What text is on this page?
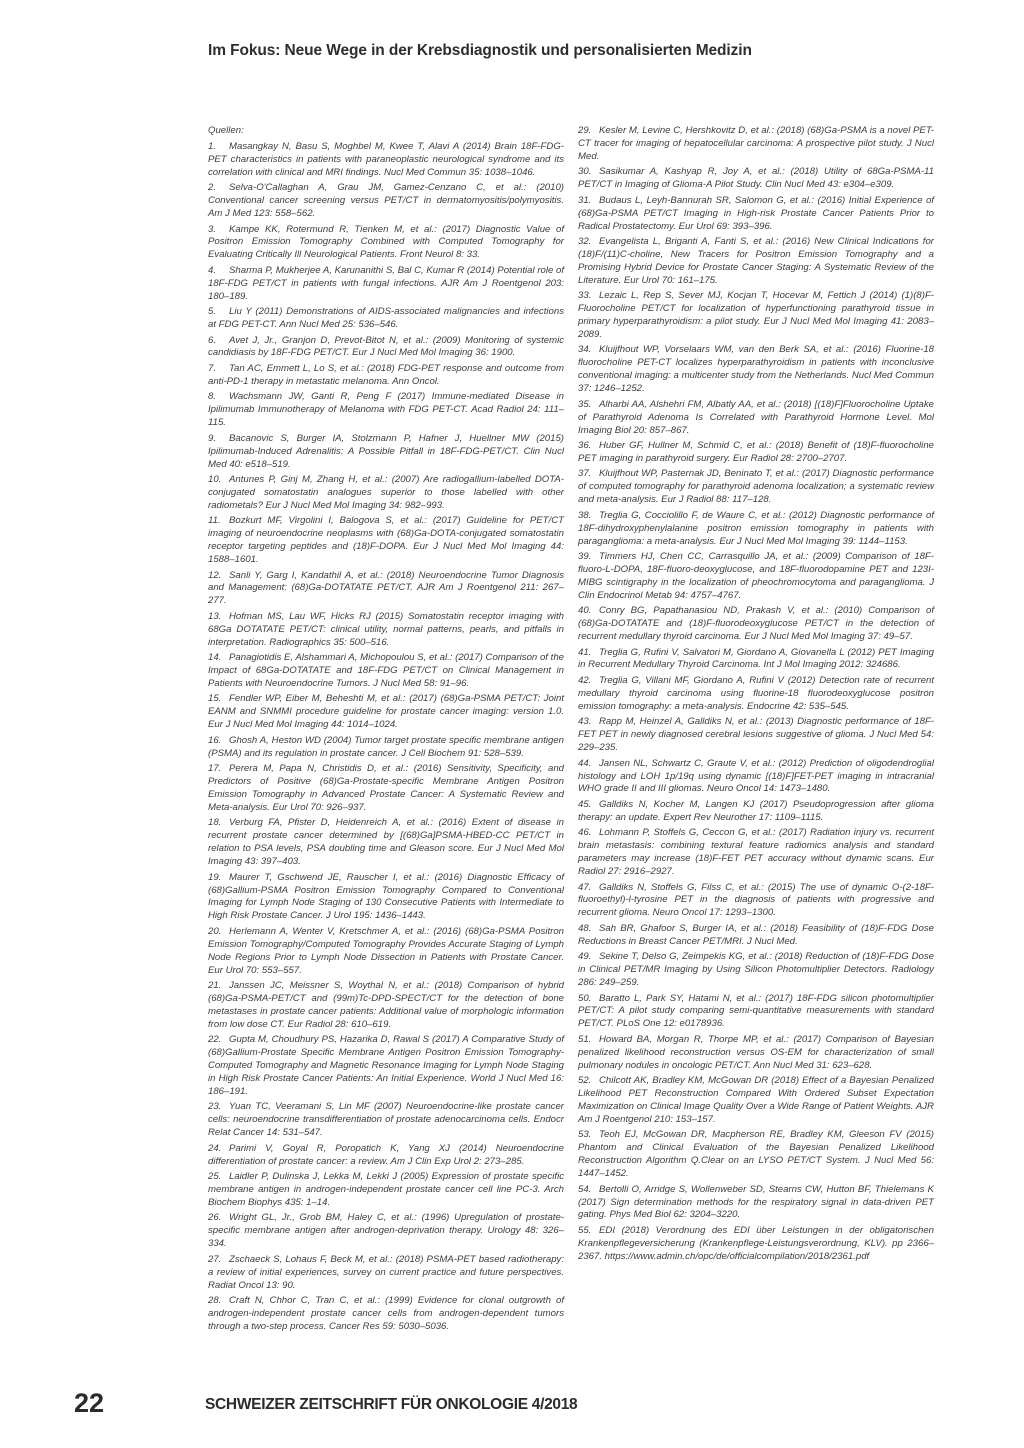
Im Fokus: Neue Wege in der Krebsdiagnostik und personalisierten Medizin

Quellen:

1. Masangkay N, Basu S, Moghbel M, Kwee T, Alavi A (2014) Brain 18F-FDG-PET characteristics in patients with paraneoplastic neurological syndrome and its correlation with clinical and MRI findings. Nucl Med Commun 35: 1038–1046.

2. Selva-O'Callaghan A, Grau JM, Gamez-Cenzano C, et al.: (2010) Conventional cancer screening versus PET/CT in dermatomyositis/polymyositis. Am J Med 123: 558–562.

3. Kampe KK, Rotermund R, Tienken M, et al.: (2017) Diagnostic Value of Positron Emission Tomography Combined with Computed Tomography for Evaluating Critically Ill Neurological Patients. Front Neurol 8: 33.

4. Sharma P, Mukherjee A, Karunanithi S, Bal C, Kumar R (2014) Potential role of 18F-FDG PET/CT in patients with fungal infections. AJR Am J Roentgenol 203: 180–189.

5. Liu Y (2011) Demonstrations of AIDS-associated malignancies and infections at FDG PET-CT. Ann Nucl Med 25: 536–546.

6. Avet J, Jr., Granjon D, Prevot-Bitot N, et al.: (2009) Monitoring of systemic candidiasis by 18F-FDG PET/CT. Eur J Nucl Med Mol Imaging 36: 1900.

7. Tan AC, Emmett L, Lo S, et al.: (2018) FDG-PET response and outcome from anti-PD-1 therapy in metastatic melanoma. Ann Oncol.

8. Wachsmann JW, Ganti R, Peng F (2017) Immune-mediated Disease in Ipilimumab Immunotherapy of Melanoma with FDG PET-CT. Acad Radiol 24: 111–115.

9. Bacanovic S, Burger IA, Stolzmann P, Hafner J, Huellner MW (2015) Ipilimumab-Induced Adrenalitis: A Possible Pitfall in 18F-FDG-PET/CT. Clin Nucl Med 40: e518–519.

10. Antunes P, Ginj M, Zhang H, et al.: (2007) Are radiogallium-labelled DOTA-conjugated somatostatin analogues superior to those labelled with other radiometals? Eur J Nucl Med Mol Imaging 34: 982–993.

11. Bozkurt MF, Virgolini I, Balogova S, et al.: (2017) Guideline for PET/CT imaging of neuroendocrine neoplasms with (68)Ga-DOTA-conjugated somatostatin receptor targeting peptides and (18)F-DOPA. Eur J Nucl Med Mol Imaging 44: 1588–1601.

12. Sanli Y, Garg I, Kandathil A, et al.: (2018) Neuroendocrine Tumor Diagnosis and Management: (68)Ga-DOTATATE PET/CT. AJR Am J Roentgenol 211: 267–277.

13. Hofman MS, Lau WF, Hicks RJ (2015) Somatostatin receptor imaging with 68Ga DOTATATE PET/CT: clinical utility, normal patterns, pearls, and pitfalls in interpretation. Radiographics 35: 500–516.

14. Panagiotidis E, Alshammari A, Michopoulou S, et al.: (2017) Comparison of the Impact of 68Ga-DOTATATE and 18F-FDG PET/CT on Clinical Management in Patients with Neuroendocrine Tumors. J Nucl Med 58: 91–96.

15. Fendler WP, Eiber M, Beheshti M, et al.: (2017) (68)Ga-PSMA PET/CT: Joint EANM and SNMMI procedure guideline for prostate cancer imaging: version 1.0. Eur J Nucl Med Mol Imaging 44: 1014–1024.

16. Ghosh A, Heston WD (2004) Tumor target prostate specific membrane antigen (PSMA) and its regulation in prostate cancer. J Cell Biochem 91: 528–539.

17. Perera M, Papa N, Christidis D, et al.: (2016) Sensitivity, Specificity, and Predictors of Positive (68)Ga-Prostate-specific Membrane Antigen Positron Emission Tomography in Advanced Prostate Cancer: A Systematic Review and Meta-analysis. Eur Urol 70: 926–937.

18. Verburg FA, Pfister D, Heidenreich A, et al.: (2016) Extent of disease in recurrent prostate cancer determined by [(68)Ga]PSMA-HBED-CC PET/CT in relation to PSA levels, PSA doubling time and Gleason score. Eur J Nucl Med Mol Imaging 43: 397–403.

19. Maurer T, Gschwend JE, Rauscher I, et al.: (2016) Diagnostic Efficacy of (68)Gallium-PSMA Positron Emission Tomography Compared to Conventional Imaging for Lymph Node Staging of 130 Consecutive Patients with Intermediate to High Risk Prostate Cancer. J Urol 195: 1436–1443.

20. Herlemann A, Wenter V, Kretschmer A, et al.: (2016) (68)Ga-PSMA Positron Emission Tomography/Computed Tomography Provides Accurate Staging of Lymph Node Regions Prior to Lymph Node Dissection in Patients with Prostate Cancer. Eur Urol 70: 553–557.

21. Janssen JC, Meissner S, Woythal N, et al.: (2018) Comparison of hybrid (68)Ga-PSMA-PET/CT and (99m)Tc-DPD-SPECT/CT for the detection of bone metastases in prostate cancer patients: Additional value of morphologic information from low dose CT. Eur Radiol 28: 610–619.

22. Gupta M, Choudhury PS, Hazarika D, Rawal S (2017) A Comparative Study of (68)Gallium-Prostate Specific Membrane Antigen Positron Emission Tomography-Computed Tomography and Magnetic Resonance Imaging for Lymph Node Staging in High Risk Prostate Cancer Patients: An Initial Experience. World J Nucl Med 16: 186–191.

23. Yuan TC, Veeramani S, Lin MF (2007) Neuroendocrine-like prostate cancer cells: neuroendocrine transdifferentiation of prostate adenocarcinoma cells. Endocr Relat Cancer 14: 531–547.

24. Parimi V, Goyal R, Poropatich K, Yang XJ (2014) Neuroendocrine differentiation of prostate cancer: a review. Am J Clin Exp Urol 2: 273–285.

25. Laidler P, Dulinska J, Lekka M, Lekki J (2005) Expression of prostate specific membrane antigen in androgen-independent prostate cancer cell line PC-3. Arch Biochem Biophys 435: 1–14.

26. Wright GL, Jr., Grob BM, Haley C, et al.: (1996) Upregulation of prostate-specific membrane antigen after androgen-deprivation therapy. Urology 48: 326–334.

27. Zschaeck S, Lohaus F, Beck M, et al.: (2018) PSMA-PET based radiotherapy: a review of initial experiences, survey on current practice and future perspectives. Radiat Oncol 13: 90.

28. Craft N, Chhor C, Tran C, et al.: (1999) Evidence for clonal outgrowth of androgen-independent prostate cancer cells from androgen-dependent tumors through a two-step process. Cancer Res 59: 5030–5036.

29. Kesler M, Levine C, Hershkovitz D, et al.: (2018) (68)Ga-PSMA is a novel PET-CT tracer for imaging of hepatocellular carcinoma: A prospective pilot study. J Nucl Med.

30. Sasikumar A, Kashyap R, Joy A, et al.: (2018) Utility of 68Ga-PSMA-11 PET/CT in Imaging of Glioma-A Pilot Study. Clin Nucl Med 43: e304–e309.

31. Budaus L, Leyh-Bannurah SR, Salomon G, et al.: (2016) Initial Experience of (68)Ga-PSMA PET/CT Imaging in High-risk Prostate Cancer Patients Prior to Radical Prostatectomy. Eur Urol 69: 393–396.

32. Evangelista L, Briganti A, Fanti S, et al.: (2016) New Clinical Indications for (18)F/(11)C-choline, New Tracers for Positron Emission Tomography and a Promising Hybrid Device for Prostate Cancer Staging: A Systematic Review of the Literature. Eur Urol 70: 161–175.

33. Lezaic L, Rep S, Sever MJ, Kocjan T, Hocevar M, Fettich J (2014) (1)(8)F-Fluorocholine PET/CT for localization of hyperfunctioning parathyroid tissue in primary hyperparathyroidism: a pilot study. Eur J Nucl Med Mol Imaging 41: 2083–2089.

34. Kluijfhout WP, Vorselaars WM, van den Berk SA, et al.: (2016) Fluorine-18 fluorocholine PET-CT localizes hyperparathyroidism in patients with inconclusive conventional imaging: a multicenter study from the Netherlands. Nucl Med Commun 37: 1246–1252.

35. Alharbi AA, Alshehri FM, Albatly AA, et al.: (2018) [(18)F]Fluorocholine Uptake of Parathyroid Adenoma Is Correlated with Parathyroid Hormone Level. Mol Imaging Biol 20: 857–867.

36. Huber GF, Hullner M, Schmid C, et al.: (2018) Benefit of (18)F-fluorocholine PET imaging in parathyroid surgery. Eur Radiol 28: 2700–2707.

37. Kluijfhout WP, Pasternak JD, Beninato T, et al.: (2017) Diagnostic performance of computed tomography for parathyroid adenoma localization; a systematic review and meta-analysis. Eur J Radiol 88: 117–128.

38. Treglia G, Cocciolillo F, de Waure C, et al.: (2012) Diagnostic performance of 18F-dihydroxyphenylalanine positron emission tomography in patients with paraganglioma: a meta-analysis. Eur J Nucl Med Mol Imaging 39: 1144–1153.

39. Timmers HJ, Chen CC, Carrasquillo JA, et al.: (2009) Comparison of 18F-fluoro-L-DOPA, 18F-fluoro-deoxyglucose, and 18F-fluorodopamine PET and 123I-MIBG scintigraphy in the localization of pheochromocytoma and paraganglioma. J Clin Endocrinol Metab 94: 4757–4767.

40. Conry BG, Papathanasiou ND, Prakash V, et al.: (2010) Comparison of (68)Ga-DOTATATE and (18)F-fluorodeoxyglucose PET/CT in the detection of recurrent medullary thyroid carcinoma. Eur J Nucl Med Mol Imaging 37: 49–57.

41. Treglia G, Rufini V, Salvatori M, Giordano A, Giovanella L (2012) PET Imaging in Recurrent Medullary Thyroid Carcinoma. Int J Mol Imaging 2012: 324686.

42. Treglia G, Villani MF, Giordano A, Rufini V (2012) Detection rate of recurrent medullary thyroid carcinoma using fluorine-18 fluorodeoxyglucose positron emission tomography: a meta-analysis. Endocrine 42: 535–545.

43. Rapp M, Heinzel A, Galldiks N, et al.: (2013) Diagnostic performance of 18F-FET PET in newly diagnosed cerebral lesions suggestive of glioma. J Nucl Med 54: 229–235.

44. Jansen NL, Schwartz C, Graute V, et al.: (2012) Prediction of oligodendroglial histology and LOH 1p/19q using dynamic [(18)F]FET-PET imaging in intracranial WHO grade II and III gliomas. Neuro Oncol 14: 1473–1480.

45. Galldiks N, Kocher M, Langen KJ (2017) Pseudoprogression after glioma therapy: an update. Expert Rev Neurother 17: 1109–1115.

46. Lohmann P, Stoffels G, Ceccon G, et al.: (2017) Radiation injury vs. recurrent brain metastasis: combining textural feature radiomics analysis and standard parameters may increase (18)F-FET PET accuracy without dynamic scans. Eur Radiol 27: 2916–2927.

47. Galldiks N, Stoffels G, Filss C, et al.: (2015) The use of dynamic O-(2-18F-fluoroethyl)-l-tyrosine PET in the diagnosis of patients with progressive and recurrent glioma. Neuro Oncol 17: 1293–1300.

48. Sah BR, Ghafoor S, Burger IA, et al.: (2018) Feasibility of (18)F-FDG Dose Reductions in Breast Cancer PET/MRI. J Nucl Med.

49. Sekine T, Delso G, Zeimpekis KG, et al.: (2018) Reduction of (18)F-FDG Dose in Clinical PET/MR Imaging by Using Silicon Photomultiplier Detectors. Radiology 286: 249–259.

50. Baratto L, Park SY, Hatami N, et al.: (2017) 18F-FDG silicon photomultiplier PET/CT: A pilot study comparing semi-quantitative measurements with standard PET/CT. PLoS One 12: e0178936.

51. Howard BA, Morgan R, Thorpe MP, et al.: (2017) Comparison of Bayesian penalized likelihood reconstruction versus OS-EM for characterization of small pulmonary nodules in oncologic PET/CT. Ann Nucl Med 31: 623–628.

52. Chilcott AK, Bradley KM, McGowan DR (2018) Effect of a Bayesian Penalized Likelihood PET Reconstruction Compared With Ordered Subset Expectation Maximization on Clinical Image Quality Over a Wide Range of Patient Weights. AJR Am J Roentgenol 210: 153–157.

53. Teoh EJ, McGowan DR, Macpherson RE, Bradley KM, Gleeson FV (2015) Phantom and Clinical Evaluation of the Bayesian Penalized Likelihood Reconstruction Algorithm Q.Clear on an LYSO PET/CT System. J Nucl Med 56: 1447–1452.

54. Bertolli O, Arridge S, Wollenweber SD, Stearns CW, Hutton BF, Thielemans K (2017) Sign determination methods for the respiratory signal in data-driven PET gating. Phys Med Biol 62: 3204–3220.

55. EDI (2018) Verordnung des EDI über Leistungen in der obligatorischen Krankenpflegeversicherung (Krankenpflege-Leistungsverordnung, KLV). pp 2366–2367. https://www.admin.ch/opc/de/officialcompilation/2018/2361.pdf

22	SCHWEIZER ZEITSCHRIFT FÜR ONKOLOGIE 4/2018
